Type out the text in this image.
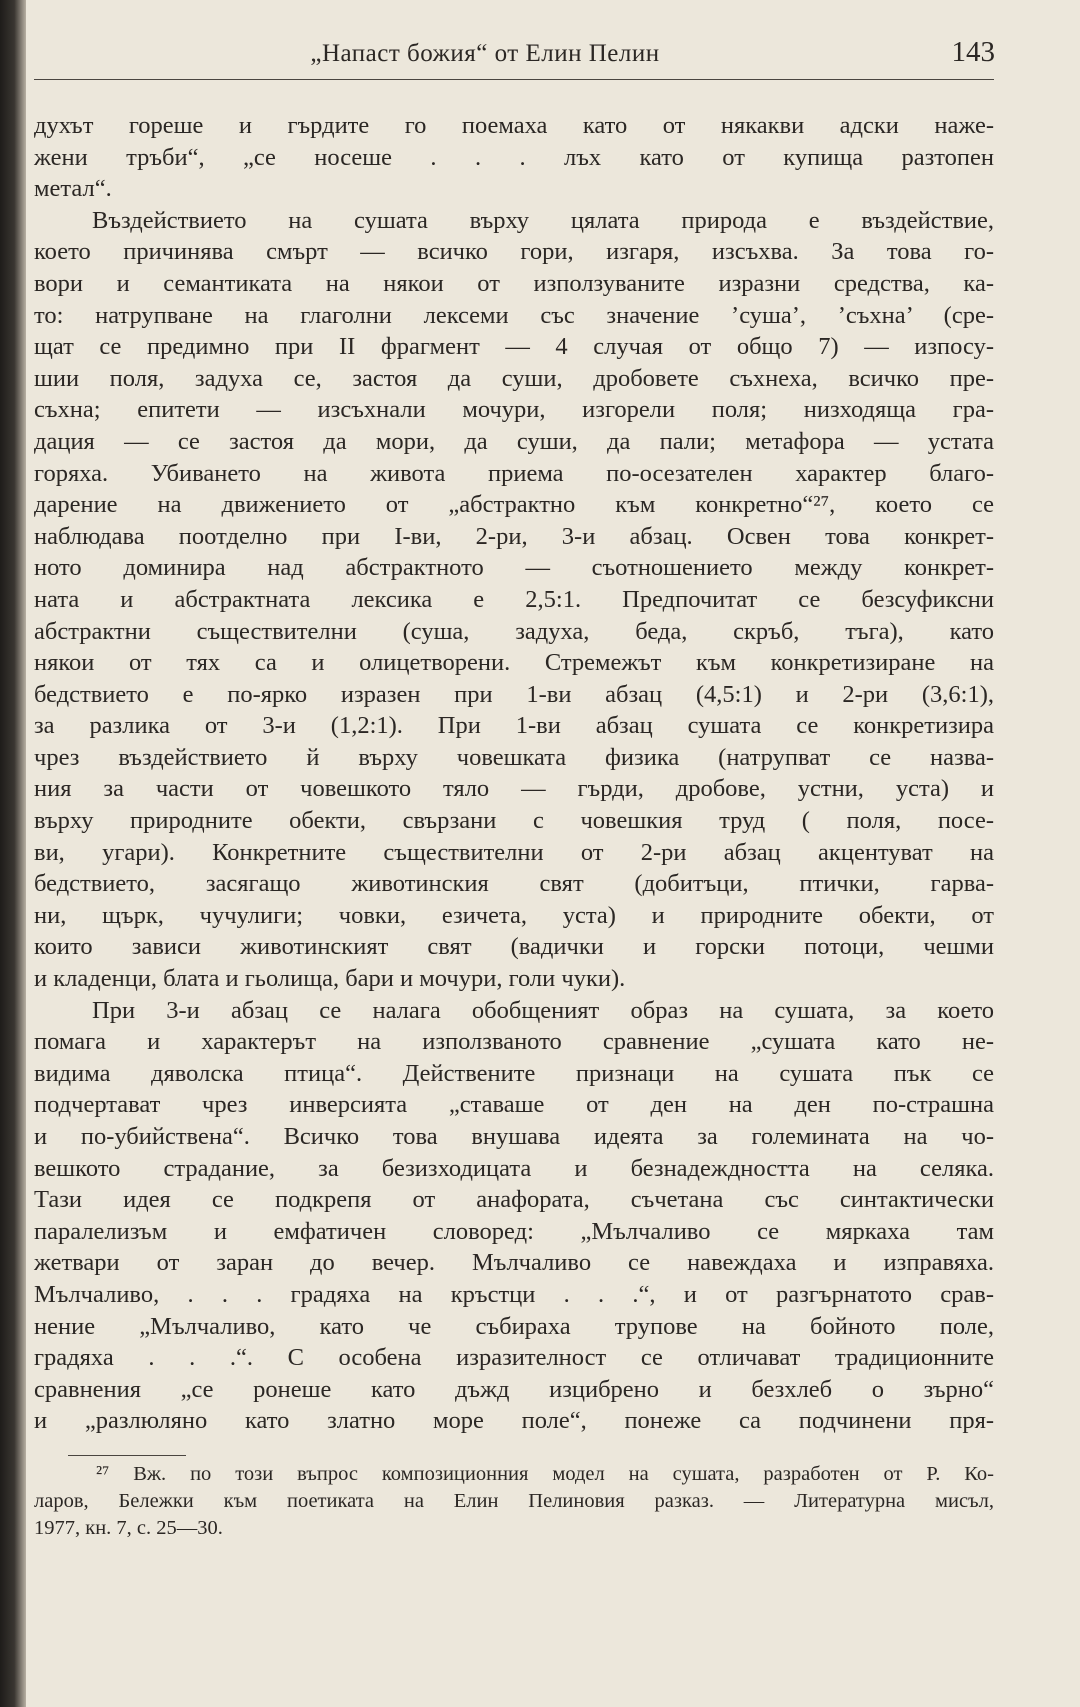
„Напаст божия“ от Елин Пелин	143
духът гореше и гърдите го поемаха като от някакви адски наже-
жени тръби“, „се носеше . . . лъх като от купища разтопен
метал“.
Въздействието на сушата върху цялата природа е въздействие,
което причинява смърт — всичко гори, изгаря, изсъхва. За това го-
вори и семантиката на някои от използуваните изразни средства, ка-
то: натрупване на глаголни лексеми със значение ’суша’, ’съхна’ (сре-
щат се предимно при II фрагмент — 4 случая от общо 7) — изпосу-
шии поля, задуха се, застоя да суши, дробовете съхнеха, всичко пре-
съхна; епитети — изсъхнали мочури, изгорели поля; низходяща гра-
дация — се застоя да мори, да суши, да пали; метафора — устата
горяха. Убиването на живота приема по-осезателен характер благо-
дарение на движението от „абстрактно към конкретно“²⁷, което се
наблюдава поотделно при I-ви, 2-ри, 3-и абзац. Освен това конкрет-
ното доминира над абстрактното — съотношението между конкрет-
ната и абстрактната лексика е 2,5:1. Предпочитат се безсуфиксни
абстрактни съществителни (суша, задуха, беда, скръб, тъга), като
някои от тях са и олицетворени. Стремежът към конкретизиране на
бедствието е по-ярко изразен при 1-ви абзац (4,5:1) и 2-ри (3,6:1),
за разлика от 3-и (1,2:1). При 1-ви абзац сушата се конкретизира
чрез въздействието й върху човешката физика (натрупват се назва-
ния за части от човешкото тяло — гърди, дробове, устни, уста) и
върху природните обекти, свързани с човешкия труд ( поля, посе-
ви, угари). Конкретните съществителни от 2-ри абзац акцентуват на
бедствието, засягащо животинския свят (добитъци, птички, гарва-
ни, щърк, чучулиги; човки, езичета, уста) и природните обекти, от
които зависи животинският свят (вадички и горски потоци, чешми
и кладенци, блата и гьолища, бари и мочури, голи чуки).
При 3-и абзац се налага обобщеният образ на сушата, за което
помага и характерът на използваното сравнение „сушата като не-
видима дяволска птица“. Действените признаци на сушата пък се
подчертават чрез инверсията „ставаше от ден на ден по-страшна
и по-убийствена“. Всичко това внушава идеята за големината на чо-
вешкото страдание, за безизходицата и безнадеждността на селяка.
Тази идея се подкрепя от анафората, съчетана със синтактически
паралелизъм и емфатичен словоред: „Мълчаливо се мяркаха там
жетвари от заран до вечер. Мълчаливо се навеждаха и изправяха.
Мълчаливо, . . . градяха на кръстци . . .“, и от разгърнатото срав-
нение „Мълчаливо, като че събираха трупове на бойното поле,
градяха . . .“. С особена изразителност се отличават традиционните
сравнения „се ронеше като дъжд изцибрено и безхлеб о зърно“
и „разлюляно като златно море поле“, понеже са подчинени пря-
²⁷ Вж. по този въпрос композиционния модел на сушата, разработен от Р. Ко-
ларов, Бележки към поетиката на Елин Пелиновия разказ. — Литературна мисъл,
1977, кн. 7, с. 25—30.
